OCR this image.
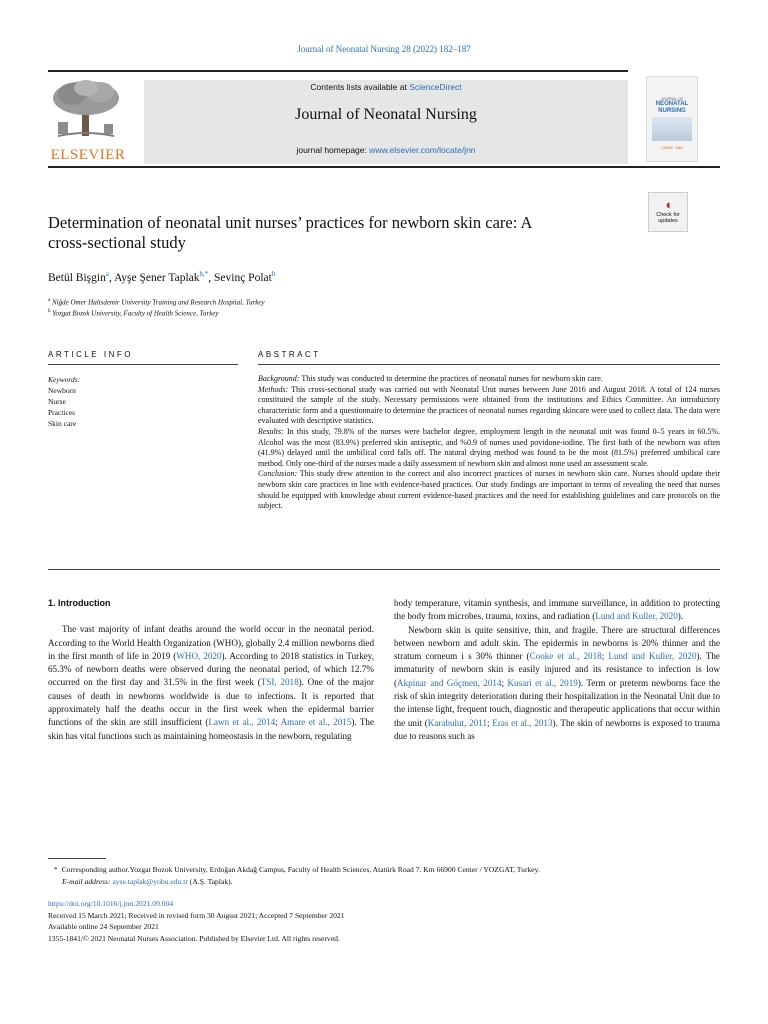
Journal of Neonatal Nursing 28 (2022) 182–187
ELSEVIER
Contents lists available at ScienceDirect
Journal of Neonatal Nursing
journal homepage: www.elsevier.com/locate/jnn
JOURNAL OF
NEONATAL
NURSING
COINN · ANN
Determination of neonatal unit nurses’ practices for newborn skin care: A
cross-sectional study
◖
Check for
updates
Betül Bişgin$^a$, Ayşe Şener Taplak$^{b,*}$, Sevinç Polat$^b$
$^a$ Niğde Omer Halisdemir University Training and Research Hospital, Turkey
$^b$ Yozgat Bozok University, Faculty of Health Science, Turkey
ARTICLE INFO	ABSTRACT
Keywords:
Newborn
Nurse
Practices
Skin care
Background: This study was conducted to determine the practices of neonatal nurses for newborn skin care.
Methods: This cross-sectional study was carried out with Neonatal Unit nurses between June 2016 and August 2018. A total of 124 nurses constituted the sample of the study. Necessary permissions were obtained from the institutions and Ethics Committee. An introductory characteristic form and a questionnaire to determine the practices of neonatal nurses regarding skincare were used to collect data. The data were evaluated with descriptive statistics.
Results: In this study, 79.8% of the nurses were bachelor degree, employment length in the neonatal unit was found 0–5 years in 60.5%. Alcohol was the most (83.9%) preferred skin antiseptic, and %0.9 of nurses used povidone-iodine. The first bath of the newborn was often (41.9%) delayed until the umbilical cord falls off. The natural drying method was found to be the most (81.5%) preferred umbilical care method. Only one-third of the nurses made a daily assessment of newborn skin and almost none used an assessment scale.
Conclusion: This study drew attention to the correct and also incorrect practices of nurses in newborn skin care. Nurses should update their newborn skin care practices in line with evidence-based practices. Our study findings are important in terms of revealing the need that nurses should be equipped with knowledge about current evidence-based practices and the need for establishing guidelines and care protocols on the subject.
1. Introduction

The vast majority of infant deaths around the world occur in the neonatal period. According to the World Health Organization (WHO), globally 2.4 million newborns died in the first month of life in 2019 (WHO, 2020). According to 2018 statistics in Turkey, 65.3% of newborn deaths were observed during the neonatal period, of which 12.7% occurred on the first day and 31.5% in the first week (TSI, 2018). One of the major causes of death in newborns worldwide is due to infections. It is reported that approximately half the deaths occur in the first week when the epidermal barrier functions of the skin are still insufficient (Lawn et al., 2014; Amare et al., 2015). The skin has vital functions such as maintaining homeostasis in the newborn, regulating

body temperature, vitamin synthesis, and immune surveillance, in addition to protecting the body from microbes, trauma, toxins, and radiation (Lund and Kuller, 2020).

Newborn skin is quite sensitive, thin, and fragile. There are structural differences between newborn and adult skin. The epidermis in newborns is 20% thinner and the stratum corneum i s 30% thinner (Cooke et al., 2018; Lund and Kuller, 2020). The immaturity of newborn skin is easily injured and its resistance to infection is low (Akpinar and Göçmen, 2014; Kusari et al., 2019). Term or preterm newborns face the risk of skin integrity deterioration during their hospitalization in the Neonatal Unit due to the intense light, frequent touch, diagnostic and therapeutic applications that occur within the unit (Karabulut, 2011; Eras et al., 2013). The skin of newborns is exposed to trauma due to reasons such as

*  Corresponding author.Yozgat Bozok University, Erdoğan Akdağ Campus, Faculty of Health Sciences, Atatürk Road 7. Km 66900 Center / YOZGAT, Turkey.
E-mail address: ayse.taplak@yobu.edu.tr (A.Ş. Taplak).
https://doi.org/10.1016/j.jnn.2021.09.004
Received 15 March 2021; Received in revised form 30 August 2021; Accepted 7 September 2021
Available online 24 September 2021
1355-1841/© 2021 Neonatal Nurses Association. Published by Elsevier Ltd. All rights reserved.
